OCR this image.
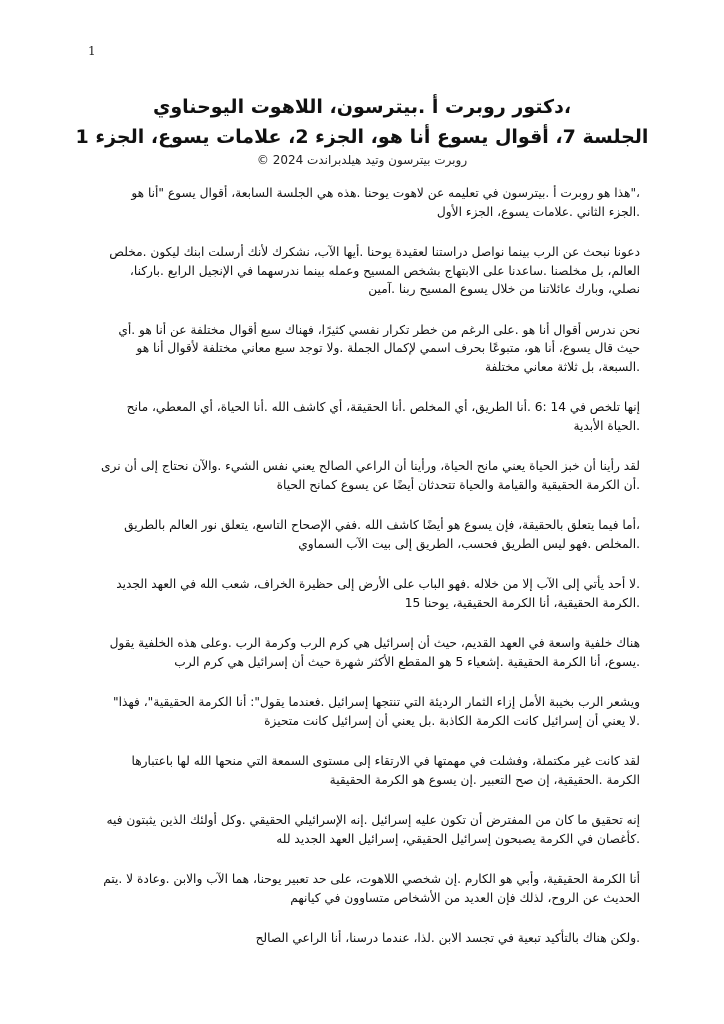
1
،دكتور روبرت أ .بيترسون، اللاهوت اليوحناوي
الجلسة 7، أقوال يسوع أنا هو، الجزء 2، علامات يسوع، الجزء 1
روبرت بيترسون وتيد هيلدبراندت 2024 ©

،"هذا هو روبرت أ .بيترسون في تعليمه عن لاهوت يوحنا .هذه هي الجلسة السابعة، أقوال يسوع "أنا هو .الجزء الثاني .علامات يسوع، الجزء الأول

دعونا نبحث عن الرب بينما نواصل دراستنا لعقيدة يوحنا .أيها الآب، نشكرك لأنك أرسلت ابنك ليكون .مخلص العالم، بل مخلصنا .ساعدنا على الابتهاج بشخص المسيح وعمله بينما ندرسهما في الإنجيل الرابع .باركنا، نصلي، وبارك عائلاتنا من خلال يسوع المسيح ربنا .آمين

نحن ندرس أقوال أنا هو .على الرغم من خطر تكرار نفسي كثيرًا، فهناك سبع أقوال مختلفة عن أنا هو .أي حيث قال يسوع، أنا هو، متبوعًا بحرف اسمي لإكمال الجملة .ولا توجد سبع معاني مختلفة لأقوال أنا هو .السبعة، بل ثلاثة معاني مختلفة

إنها تلخص في 14 :6 .أنا الطريق، أي المخلص .أنا الحقيقة، أي كاشف الله .أنا الحياة، أي المعطي، مانح .الحياة الأبدية

لقد رأينا أن خبز الحياة يعني مانح الحياة، ورأينا أن الراعي الصالح يعني نفس الشيء .والآن نحتاج إلى أن نرى .أن الكرمة الحقيقية والقيامة والحياة تتحدثان أيضًا عن يسوع كمانح الحياة

،أما فيما يتعلق بالحقيقة، فإن يسوع هو أيضًا كاشف الله .ففي الإصحاح التاسع، يتعلق نور العالم بالطريق .المخلص .فهو ليس الطريق فحسب، الطريق إلى بيت الآب السماوي

.لا أحد يأتي إلى الآب إلا من خلاله .فهو الباب على الأرض إلى حظيرة الخراف، شعب الله في العهد الجديد .الكرمة الحقيقية، أنا الكرمة الحقيقية، يوحنا 15

هناك خلفية واسعة في العهد القديم، حيث أن إسرائيل هي كرم الرب وكرمة الرب .وعلى هذه الخلفية يقول .يسوع، أنا الكرمة الحقيقية .إشعياء 5 هو المقطع الأكثر شهرة حيث أن إسرائيل هي كرم الرب

ويشعر الرب بخيبة الأمل إزاء الثمار الرديئة التي تنتجها إسرائيل .فعندما يقول": أنا الكرمة الحقيقية"، فهذا" .لا يعني أن إسرائيل كانت الكرمة الكاذبة .بل يعني أن إسرائيل كانت متحيزة

لقد كانت غير مكتملة، وفشلت في مهمتها في الارتقاء إلى مستوى السمعة التي منحها الله لها باعتبارها الكرمة .الحقيقية، إن صح التعبير .إن يسوع هو الكرمة الحقيقية

إنه تحقيق ما كان من المفترض أن تكون عليه إسرائيل .إنه الإسرائيلي الحقيقي .وكل أولئك الذين يثبتون فيه .كأغصان في الكرمة يصبحون إسرائيل الحقيقي، إسرائيل العهد الجديد لله

أنا الكرمة الحقيقية، وأبي هو الكارم .إن شخصي اللاهوت، على حد تعبير يوحنا، هما الآب والابن .وعادة لا .يتم الحديث عن الروح، لذلك فإن العديد من الأشخاص متساوون في كيانهم

.ولكن هناك بالتأكيد تبعية في تجسد الابن .لذا، عندما درسنا، أنا الراعي الصالح
